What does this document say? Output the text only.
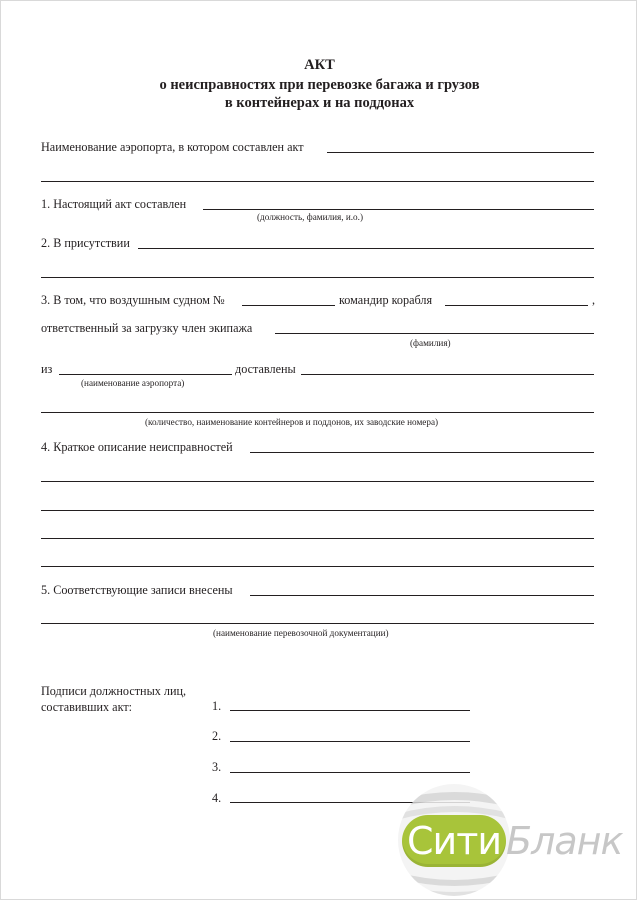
АКТ
о неисправностях при перевозке багажа и грузов
в контейнерах и на поддонах
Наименование аэропорта, в котором составлен акт
1. Настоящий акт составлен
(должность, фамилия, и.о.)
2. В присутствии
3. В том, что воздушным судном №	командир корабля	,
ответственный за загрузку член экипажа
(фамилия)
из	доставлены
(наименование аэропорта)
(количество, наименование контейнеров и поддонов, их заводские номера)
4. Краткое описание неисправностей
5. Соответствующие записи внесены
(наименование перевозочной документации)
Подписи должностных лиц,
составивших акт:	1.
2.
3.
4.
Сити Бланк
